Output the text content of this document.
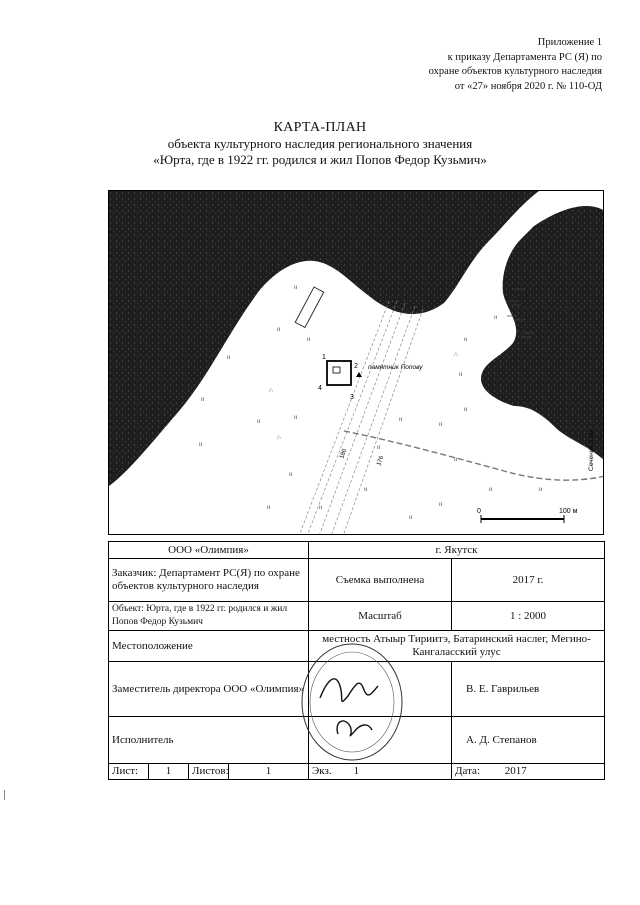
Приложение 1
к приказу Департамента РС (Я) по
охране объектов культурного наследия
от «27» ноября 2020 г. № 110-ОД
КАРТА-ПЛАН
объекта культурного наследия регионального значения
«Юрта, где в 1922 гг. родился и жил Попов Федор Кузьмич»
1
2
3
4
памятник Попову
180
176
ıı
ıı
ıı
ıı
ıı
ıı	ıı
ıı
ıı
ıı
ıı
ıı
ıı
ıı
ıı	ıı
ıı
ıı
ıı
ıı
ıı
ıı
ıı
ıı	ıı
ıı
ıı
∴
∴
∴
∴
∴
∴
ıı
∴
0	100 м
Сечение 2 см
ООО «Олимпия»				г. Якутск	
Заказчик: Департамент РС(Я) по охране объектов культурного наследия				Съемка выполнена	2017 г.
Объект: Юрта, где в 1922 гг. родился и жил Попов Федор Кузьмич				Масштаб	1 : 2000
Местоположение				местность Атыыр Тириитэ, Батаринский наслег, Мегино-Кангаласский улус	
Заместитель директора ООО «Олимпия»					В. Е. Гаврильев
Исполнитель					А. Д. Степанов
Лист:	1	Листов:	1	Экз. 1	Дата: 2017
